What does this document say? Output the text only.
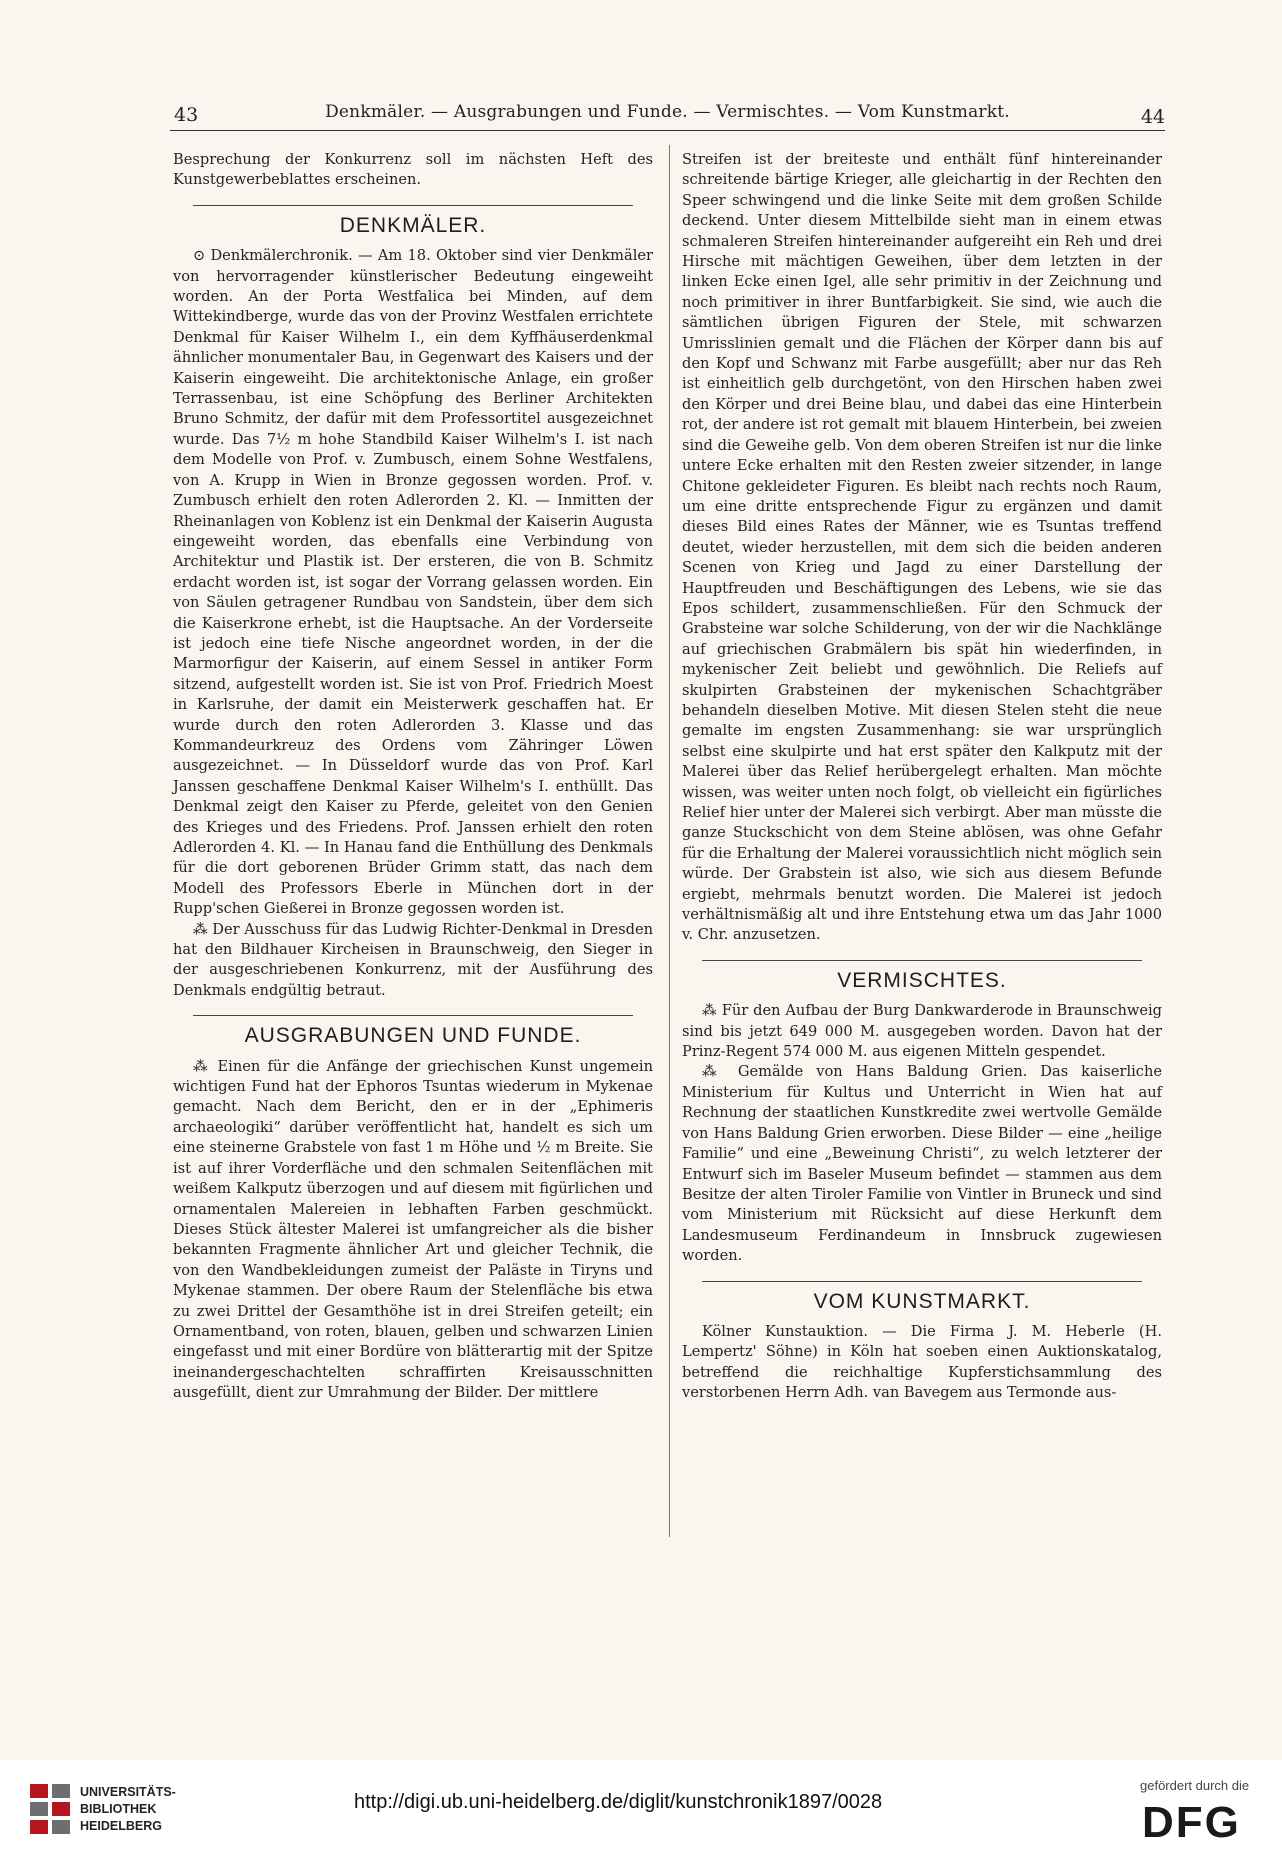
43	Denkmäler. — Ausgrabungen und Funde. — Vermischtes. — Vom Kunstmarkt.	44

Besprechung der Konkurrenz soll im nächsten Heft des Kunstgewerbeblattes erscheinen.

DENKMÄLER.

⊙ Denkmälerchronik. — Am 18. Oktober sind vier Denkmäler von hervorragender künstlerischer Bedeutung eingeweiht worden. An der Porta Westfalica bei Minden, auf dem Wittekindberge, wurde das von der Provinz Westfalen errichtete Denkmal für Kaiser Wilhelm I., ein dem Kyffhäuserdenkmal ähnlicher monumentaler Bau, in Gegenwart des Kaisers und der Kaiserin eingeweiht. Die architektonische Anlage, ein großer Terrassenbau, ist eine Schöpfung des Berliner Architekten Bruno Schmitz, der dafür mit dem Professortitel ausgezeichnet wurde. Das 7½ m hohe Standbild Kaiser Wilhelm's I. ist nach dem Modelle von Prof. v. Zumbusch, einem Sohne Westfalens, von A. Krupp in Wien in Bronze gegossen worden. Prof. v. Zumbusch erhielt den roten Adlerorden 2. Kl. — Inmitten der Rheinanlagen von Koblenz ist ein Denkmal der Kaiserin Augusta eingeweiht worden, das ebenfalls eine Verbindung von Architektur und Plastik ist. Der ersteren, die von B. Schmitz erdacht worden ist, ist sogar der Vorrang gelassen worden. Ein von Säulen getragener Rundbau von Sandstein, über dem sich die Kaiserkrone erhebt, ist die Hauptsache. An der Vorderseite ist jedoch eine tiefe Nische angeordnet worden, in der die Marmorfigur der Kaiserin, auf einem Sessel in antiker Form sitzend, aufgestellt worden ist. Sie ist von Prof. Friedrich Moest in Karlsruhe, der damit ein Meisterwerk geschaffen hat. Er wurde durch den roten Adlerorden 3. Klasse und das Kommandeurkreuz des Ordens vom Zähringer Löwen ausgezeichnet. — In Düsseldorf wurde das von Prof. Karl Janssen geschaffene Denkmal Kaiser Wilhelm's I. enthüllt. Das Denkmal zeigt den Kaiser zu Pferde, geleitet von den Genien des Krieges und des Friedens. Prof. Janssen erhielt den roten Adlerorden 4. Kl. — In Hanau fand die Enthüllung des Denkmals für die dort geborenen Brüder Grimm statt, das nach dem Modell des Professors Eberle in München dort in der Rupp'schen Gießerei in Bronze gegossen worden ist.

⁂ Der Ausschuss für das Ludwig Richter-Denkmal in Dresden hat den Bildhauer Kircheisen in Braunschweig, den Sieger in der ausgeschriebenen Konkurrenz, mit der Ausführung des Denkmals endgültig betraut.

AUSGRABUNGEN UND FUNDE.

⁂ Einen für die Anfänge der griechischen Kunst ungemein wichtigen Fund hat der Ephoros Tsuntas wiederum in Mykenae gemacht. Nach dem Bericht, den er in der „Ephimeris archaeologiki“ darüber veröffentlicht hat, handelt es sich um eine steinerne Grabstele von fast 1 m Höhe und ½ m Breite. Sie ist auf ihrer Vorderfläche und den schmalen Seitenflächen mit weißem Kalkputz überzogen und auf diesem mit figürlichen und ornamentalen Malereien in lebhaften Farben geschmückt. Dieses Stück ältester Malerei ist umfangreicher als die bisher bekannten Fragmente ähnlicher Art und gleicher Technik, die von den Wandbekleidungen zumeist der Paläste in Tiryns und Mykenae stammen. Der obere Raum der Stelenfläche bis etwa zu zwei Drittel der Gesamthöhe ist in drei Streifen geteilt; ein Ornamentband, von roten, blauen, gelben und schwarzen Linien eingefasst und mit einer Bordüre von blätterartig mit der Spitze ineinandergeschachtelten schraffirten Kreisausschnitten ausgefüllt, dient zur Umrahmung der Bilder. Der mittlere

Streifen ist der breiteste und enthält fünf hintereinander schreitende bärtige Krieger, alle gleichartig in der Rechten den Speer schwingend und die linke Seite mit dem großen Schilde deckend. Unter diesem Mittelbilde sieht man in einem etwas schmaleren Streifen hintereinander aufgereiht ein Reh und drei Hirsche mit mächtigen Geweihen, über dem letzten in der linken Ecke einen Igel, alle sehr primitiv in der Zeichnung und noch primitiver in ihrer Buntfarbigkeit. Sie sind, wie auch die sämtlichen übrigen Figuren der Stele, mit schwarzen Umrisslinien gemalt und die Flächen der Körper dann bis auf den Kopf und Schwanz mit Farbe ausgefüllt; aber nur das Reh ist einheitlich gelb durchgetönt, von den Hirschen haben zwei den Körper und drei Beine blau, und dabei das eine Hinterbein rot, der andere ist rot gemalt mit blauem Hinterbein, bei zweien sind die Geweihe gelb. Von dem oberen Streifen ist nur die linke untere Ecke erhalten mit den Resten zweier sitzender, in lange Chitone gekleideter Figuren. Es bleibt nach rechts noch Raum, um eine dritte entsprechende Figur zu ergänzen und damit dieses Bild eines Rates der Männer, wie es Tsuntas treffend deutet, wieder herzustellen, mit dem sich die beiden anderen Scenen von Krieg und Jagd zu einer Darstellung der Hauptfreuden und Beschäftigungen des Lebens, wie sie das Epos schildert, zusammenschließen. Für den Schmuck der Grabsteine war solche Schilderung, von der wir die Nachklänge auf griechischen Grabmälern bis spät hin wiederfinden, in mykenischer Zeit beliebt und gewöhnlich. Die Reliefs auf skulpirten Grabsteinen der mykenischen Schachtgräber behandeln dieselben Motive. Mit diesen Stelen steht die neue gemalte im engsten Zusammenhang: sie war ursprünglich selbst eine skulpirte und hat erst später den Kalkputz mit der Malerei über das Relief herübergelegt erhalten. Man möchte wissen, was weiter unten noch folgt, ob vielleicht ein figürliches Relief hier unter der Malerei sich verbirgt. Aber man müsste die ganze Stuckschicht von dem Steine ablösen, was ohne Gefahr für die Erhaltung der Malerei voraussichtlich nicht möglich sein würde. Der Grabstein ist also, wie sich aus diesem Befunde ergiebt, mehrmals benutzt worden. Die Malerei ist jedoch verhältnismäßig alt und ihre Entstehung etwa um das Jahr 1000 v. Chr. anzusetzen.

VERMISCHTES.

⁂ Für den Aufbau der Burg Dankwarderode in Braunschweig sind bis jetzt 649 000 M. ausgegeben worden. Davon hat der Prinz-Regent 574 000 M. aus eigenen Mitteln gespendet.

⁂ Gemälde von Hans Baldung Grien. Das kaiserliche Ministerium für Kultus und Unterricht in Wien hat auf Rechnung der staatlichen Kunstkredite zwei wertvolle Gemälde von Hans Baldung Grien erworben. Diese Bilder — eine „heilige Familie“ und eine „Beweinung Christi“, zu welch letzterer der Entwurf sich im Baseler Museum befindet — stammen aus dem Besitze der alten Tiroler Familie von Vintler in Bruneck und sind vom Ministerium mit Rücksicht auf diese Herkunft dem Landesmuseum Ferdinandeum in Innsbruck zugewiesen worden.

VOM KUNSTMARKT.

Kölner Kunstauktion. — Die Firma J. M. Heberle (H. Lempertz' Söhne) in Köln hat soeben einen Auktionskatalog, betreffend die reichhaltige Kupferstichsammlung des verstorbenen Herrn Adh. van Bavegem aus Termonde aus-

UNIVERSITÄTS-
BIBLIOTHEK
HEIDELBERG
http://digi.ub.uni-heidelberg.de/diglit/kunstchronik1897/0028
gefördert durch die
DFG
